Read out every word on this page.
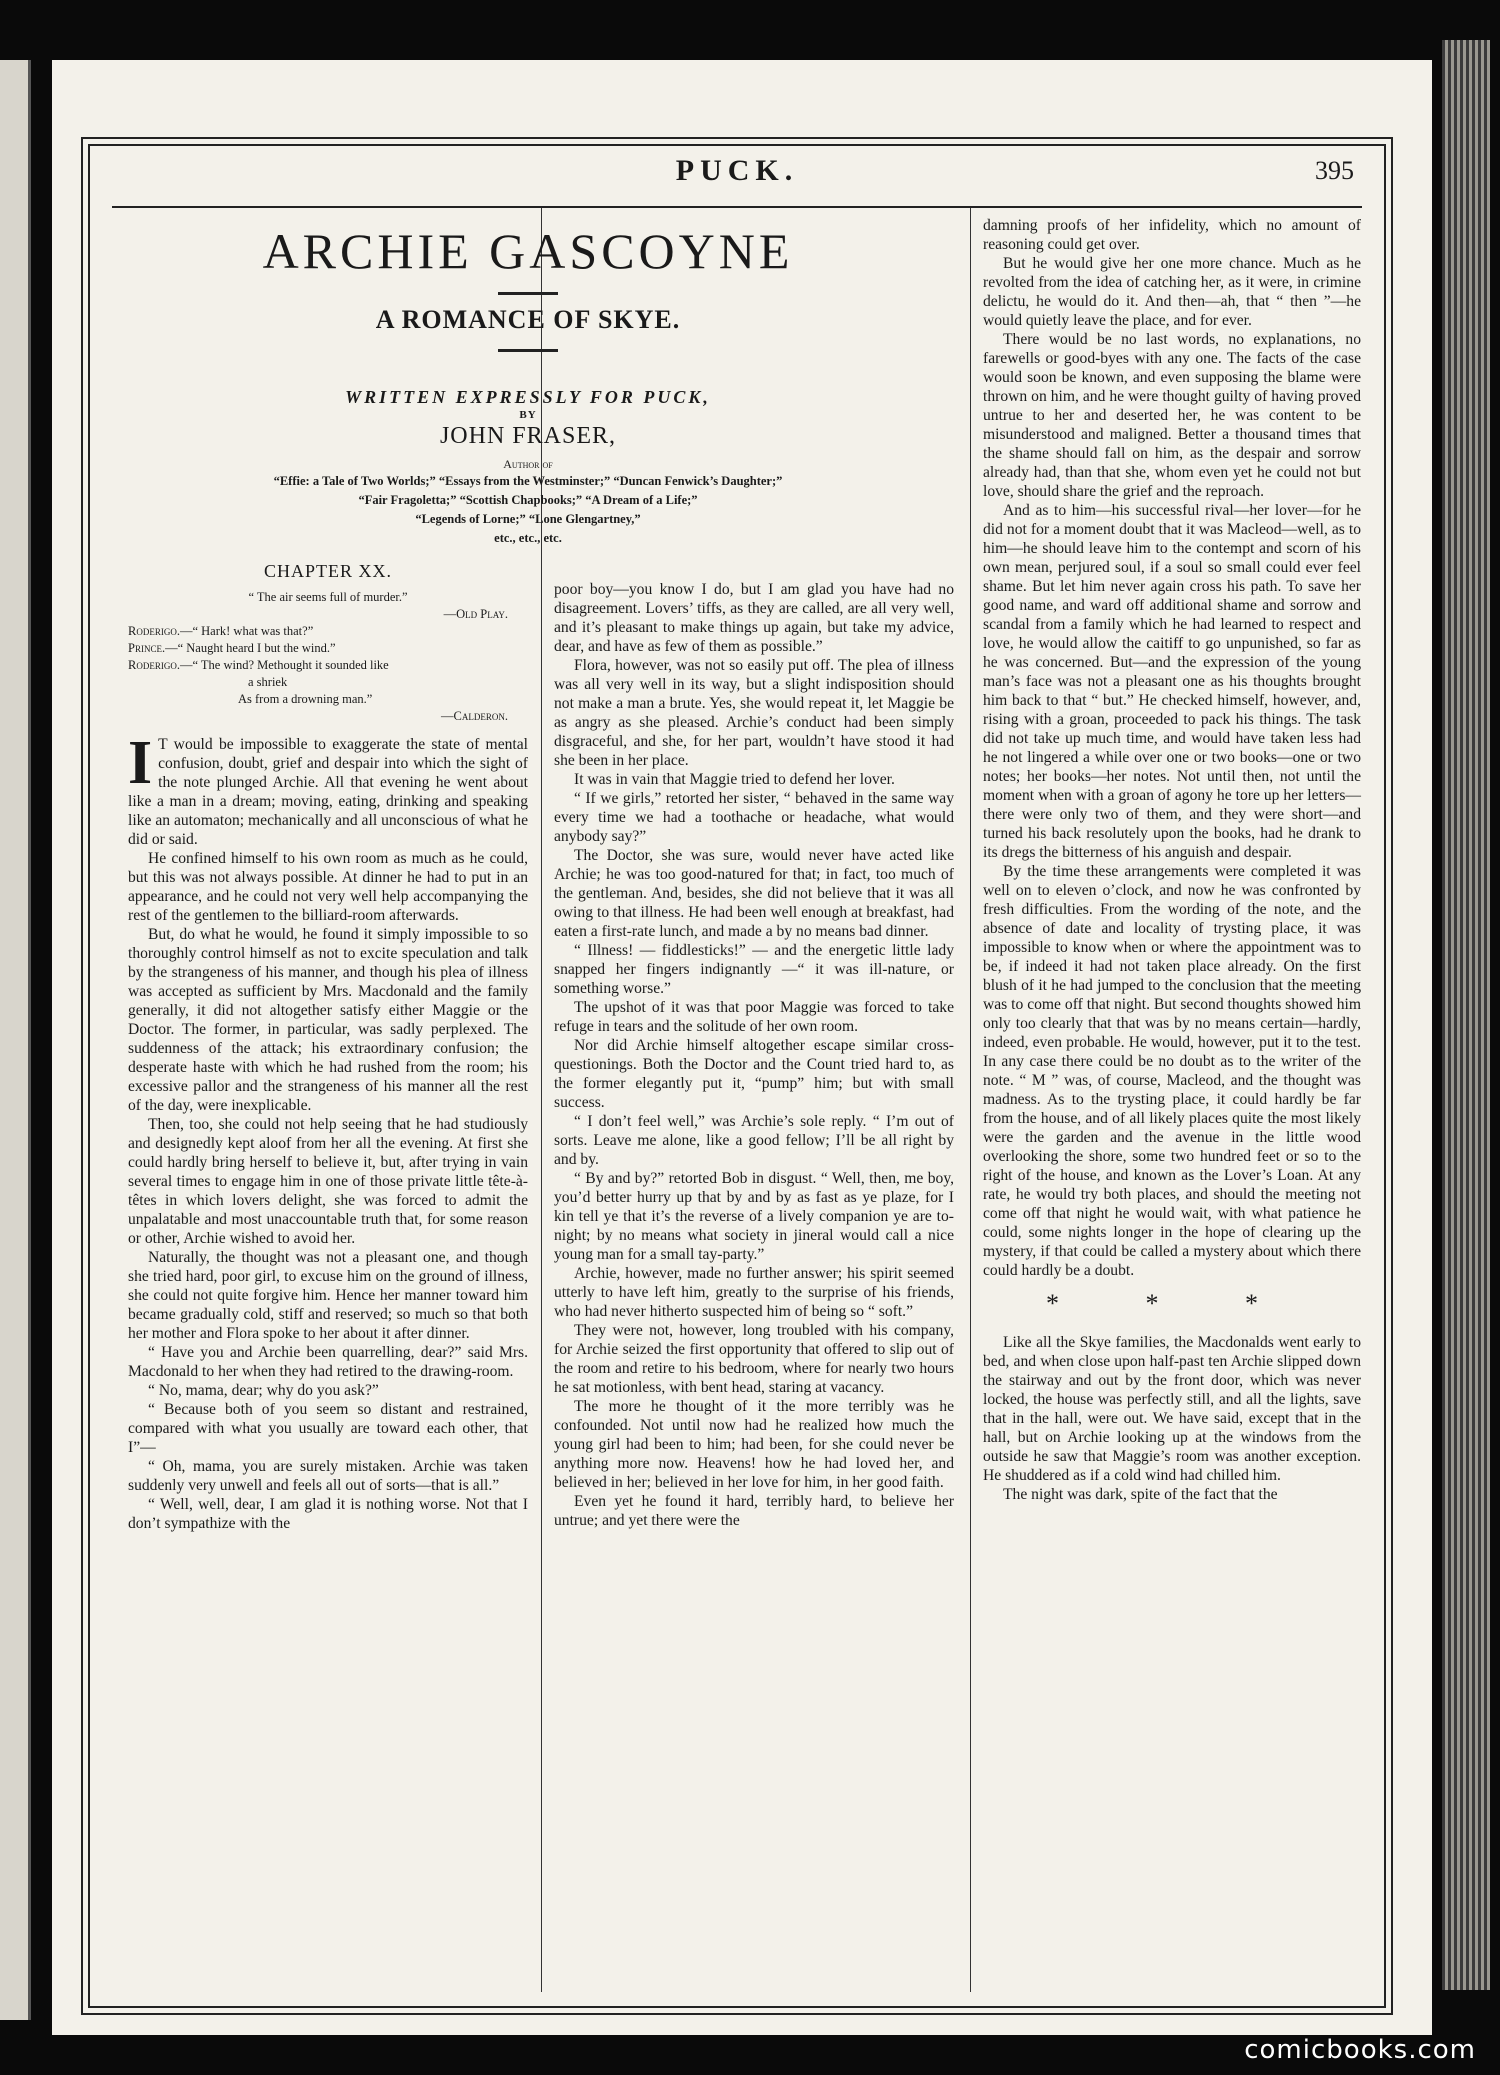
PUCK.	395
ARCHIE GASCOYNE
A ROMANCE OF SKYE.
WRITTEN EXPRESSLY FOR PUCK,
BY
JOHN FRASER,
Author of
“Effie: a Tale of Two Worlds;” “Essays from the Westminster;” “Duncan Fenwick’s Daughter;”
“Fair Fragoletta;” “Scottish Chapbooks;” “A Dream of a Life;”
“Legends of Lorne;” “Lone Glengartney,”
etc., etc., etc.
CHAPTER XX.
“ The air seems full of murder.”
—Old Play.
Roderigo.—“ Hark! what was that?”
Prince.—“ Naught heard I but the wind.”
Roderigo.—“ The wind? Methought it sounded like
a shriek
As from a drowning man.”
—Calderon.

I T would be impossible to exaggerate the state of mental confusion, doubt, grief and despair into which the sight of the note plunged Archie. All that evening he went about like a man in a dream; moving, eating, drinking and speaking like an automaton; mechanically and all unconscious of what he did or said.

He confined himself to his own room as much as he could, but this was not always possible. At dinner he had to put in an appearance, and he could not very well help accompanying the rest of the gentlemen to the billiard-room afterwards.

But, do what he would, he found it simply impossible to so thoroughly control himself as not to excite speculation and talk by the strangeness of his manner, and though his plea of illness was accepted as sufficient by Mrs. Macdonald and the family generally, it did not altogether satisfy either Maggie or the Doctor. The former, in particular, was sadly perplexed. The suddenness of the attack; his extraordinary confusion; the desperate haste with which he had rushed from the room; his excessive pallor and the strangeness of his manner all the rest of the day, were inexplicable.

Then, too, she could not help seeing that he had studiously and designedly kept aloof from her all the evening. At first she could hardly bring herself to believe it, but, after trying in vain several times to engage him in one of those private little tête-à-têtes in which lovers delight, she was forced to admit the unpalatable and most unaccountable truth that, for some reason or other, Archie wished to avoid her.

Naturally, the thought was not a pleasant one, and though she tried hard, poor girl, to excuse him on the ground of illness, she could not quite forgive him. Hence her manner toward him became gradually cold, stiff and reserved; so much so that both her mother and Flora spoke to her about it after dinner.

“ Have you and Archie been quarrelling, dear?” said Mrs. Macdonald to her when they had retired to the drawing-room.

“ No, mama, dear; why do you ask?”

“ Because both of you seem so distant and restrained, compared with what you usually are toward each other, that I”—

“ Oh, mama, you are surely mistaken. Archie was taken suddenly very unwell and feels all out of sorts—that is all.”

“ Well, well, dear, I am glad it is nothing worse. Not that I don’t sympathize with the

poor boy—you know I do, but I am glad you have had no disagreement. Lovers’ tiffs, as they are called, are all very well, and it’s pleasant to make things up again, but take my advice, dear, and have as few of them as possible.”

Flora, however, was not so easily put off. The plea of illness was all very well in its way, but a slight indisposition should not make a man a brute. Yes, she would repeat it, let Maggie be as angry as she pleased. Archie’s conduct had been simply disgraceful, and she, for her part, wouldn’t have stood it had she been in her place.

It was in vain that Maggie tried to defend her lover.

“ If we girls,” retorted her sister, “ behaved in the same way every time we had a toothache or headache, what would anybody say?”

The Doctor, she was sure, would never have acted like Archie; he was too good-natured for that; in fact, too much of the gentleman. And, besides, she did not believe that it was all owing to that illness. He had been well enough at breakfast, had eaten a first-rate lunch, and made a by no means bad dinner.

“ Illness! — fiddlesticks!” — and the energetic little lady snapped her fingers indignantly —“ it was ill-nature, or something worse.”

The upshot of it was that poor Maggie was forced to take refuge in tears and the solitude of her own room.

Nor did Archie himself altogether escape similar cross-questionings. Both the Doctor and the Count tried hard to, as the former elegantly put it, “pump” him; but with small success.

“ I don’t feel well,” was Archie’s sole reply. “ I’m out of sorts. Leave me alone, like a good fellow; I’ll be all right by and by.

“ By and by?” retorted Bob in disgust. “ Well, then, me boy, you’d better hurry up that by and by as fast as ye plaze, for I kin tell ye that it’s the reverse of a lively companion ye are to-night; by no means what society in jineral would call a nice young man for a small tay-party.”

Archie, however, made no further answer; his spirit seemed utterly to have left him, greatly to the surprise of his friends, who had never hitherto suspected him of being so “ soft.”

They were not, however, long troubled with his company, for Archie seized the first opportunity that offered to slip out of the room and retire to his bedroom, where for nearly two hours he sat motionless, with bent head, staring at vacancy.

The more he thought of it the more terribly was he confounded. Not until now had he realized how much the young girl had been to him; had been, for she could never be anything more now. Heavens! how he had loved her, and believed in her; believed in her love for him, in her good faith.

Even yet he found it hard, terribly hard, to believe her untrue; and yet there were the

damning proofs of her infidelity, which no amount of reasoning could get over.

But he would give her one more chance. Much as he revolted from the idea of catching her, as it were, in crimine delictu, he would do it. And then—ah, that “ then ”—he would quietly leave the place, and for ever.

There would be no last words, no explanations, no farewells or good-byes with any one. The facts of the case would soon be known, and even supposing the blame were thrown on him, and he were thought guilty of having proved untrue to her and deserted her, he was content to be misunderstood and maligned. Better a thousand times that the shame should fall on him, as the despair and sorrow already had, than that she, whom even yet he could not but love, should share the grief and the reproach.

And as to him—his successful rival—her lover—for he did not for a moment doubt that it was Macleod—well, as to him—he should leave him to the contempt and scorn of his own mean, perjured soul, if a soul so small could ever feel shame. But let him never again cross his path. To save her good name, and ward off additional shame and sorrow and scandal from a family which he had learned to respect and love, he would allow the caitiff to go unpunished, so far as he was concerned. But—and the expression of the young man’s face was not a pleasant one as his thoughts brought him back to that “ but.” He checked himself, however, and, rising with a groan, proceeded to pack his things. The task did not take up much time, and would have taken less had he not lingered a while over one or two books—one or two notes; her books—her notes. Not until then, not until the moment when with a groan of agony he tore up her letters—there were only two of them, and they were short—and turned his back resolutely upon the books, had he drank to its dregs the bitterness of his anguish and despair.

By the time these arrangements were completed it was well on to eleven o’clock, and now he was confronted by fresh difficulties. From the wording of the note, and the absence of date and locality of trysting place, it was impossible to know when or where the appointment was to be, if indeed it had not taken place already. On the first blush of it he had jumped to the conclusion that the meeting was to come off that night. But second thoughts showed him only too clearly that that was by no means certain—hardly, indeed, even probable. He would, however, put it to the test. In any case there could be no doubt as to the writer of the note. “ M ” was, of course, Macleod, and the thought was madness. As to the trysting place, it could hardly be far from the house, and of all likely places quite the most likely were the garden and the avenue in the little wood overlooking the shore, some two hundred feet or so to the right of the house, and known as the Lover’s Loan. At any rate, he would try both places, and should the meeting not come off that night he would wait, with what patience he could, some nights longer in the hope of clearing up the mystery, if that could be called a mystery about which there could hardly be a doubt.

* * *

Like all the Skye families, the Macdonalds went early to bed, and when close upon half-past ten Archie slipped down the stairway and out by the front door, which was never locked, the house was perfectly still, and all the lights, save that in the hall, were out. We have said, except that in the hall, but on Archie looking up at the windows from the outside he saw that Maggie’s room was another exception. He shuddered as if a cold wind had chilled him.

The night was dark, spite of the fact that the

comicbooks.com
